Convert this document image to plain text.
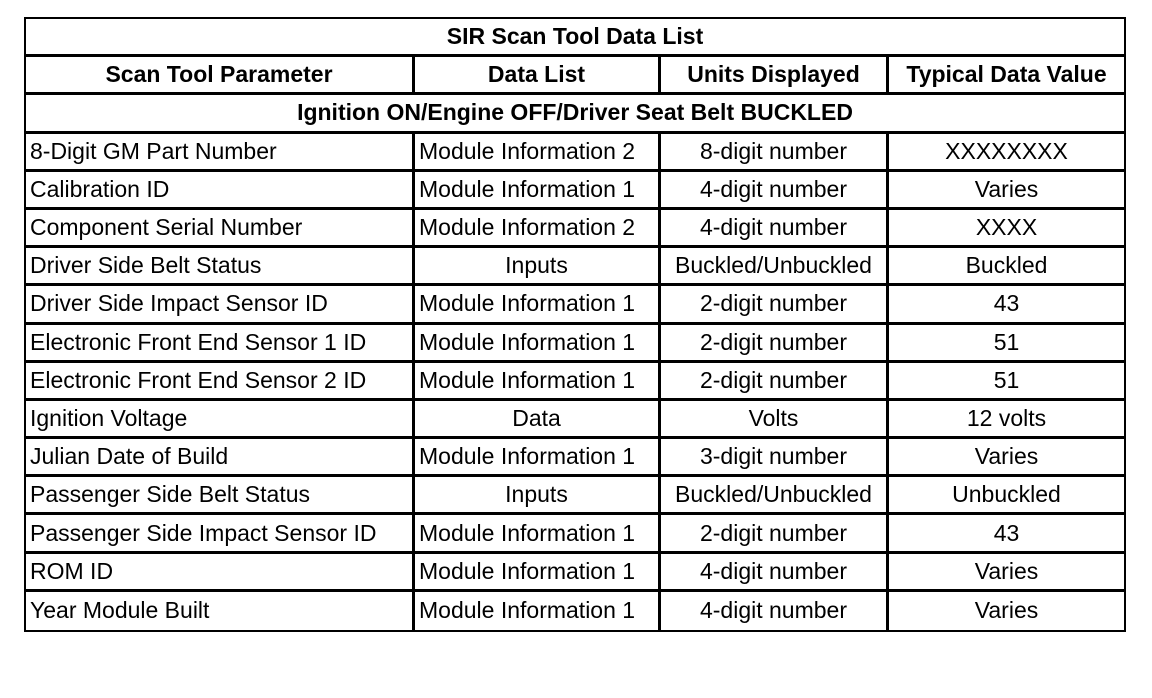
SIR Scan Tool Data List			
Scan Tool Parameter	Data List	Units Displayed	Typical Data Value
Ignition ON/Engine OFF/Driver Seat Belt BUCKLED			
8-Digit GM Part Number	Module Information 2	8-digit number	XXXXXXXX
Calibration ID	Module Information 1	4-digit number	Varies
Component Serial Number	Module Information 2	4-digit number	XXXX
Driver Side Belt Status	Inputs	Buckled/Unbuckled	Buckled
Driver Side Impact Sensor ID	Module Information 1	2-digit number	43
Electronic Front End Sensor 1 ID	Module Information 1	2-digit number	51
Electronic Front End Sensor 2 ID	Module Information 1	2-digit number	51
Ignition Voltage	Data	Volts	12 volts
Julian Date of Build	Module Information 1	3-digit number	Varies
Passenger Side Belt Status	Inputs	Buckled/Unbuckled	Unbuckled
Passenger Side Impact Sensor ID	Module Information 1	2-digit number	43
ROM ID	Module Information 1	4-digit number	Varies
Year Module Built	Module Information 1	4-digit number	Varies
